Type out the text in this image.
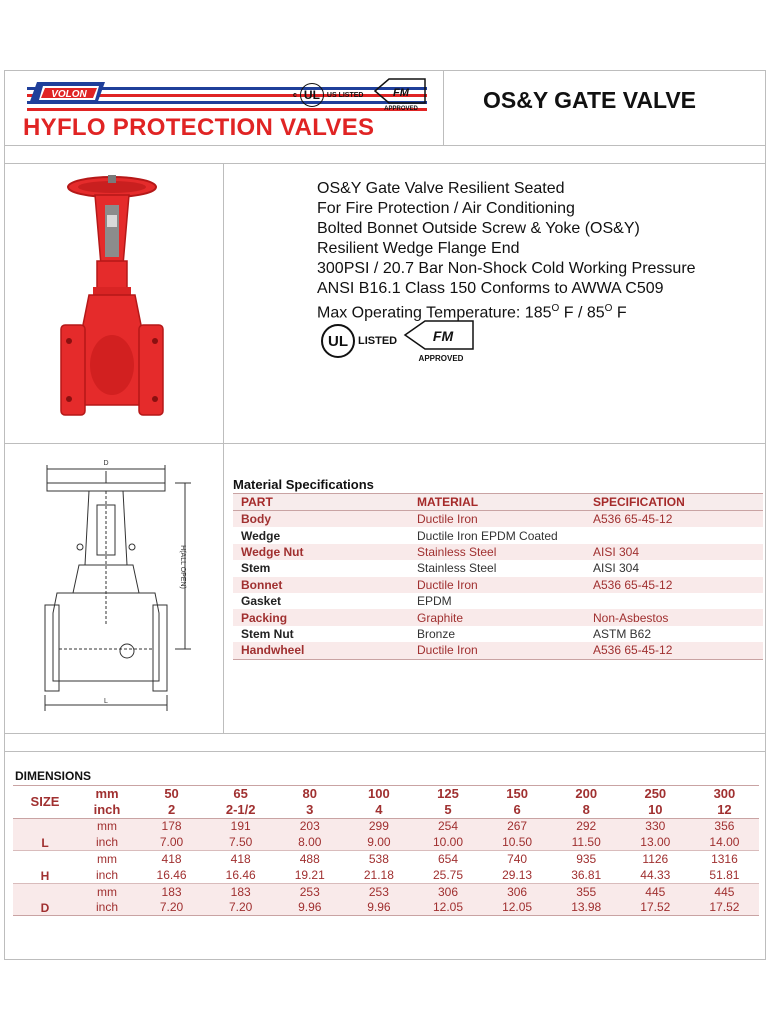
VOLON
HYFLO PROTECTION VALVES
c UL US LISTED	FM
APPROVED	OS&Y GATE VALVE
OS&Y Gate Valve Resilient Seated
For Fire Protection / Air Conditioning
Bolted Bonnet Outside Screw & Yoke (OS&Y)
Resilient Wedge Flange End
300PSI / 20.7 Bar Non-Shock Cold Working Pressure
ANSI B16.1 Class 150 Conforms to AWWA C509
Max Operating Temperature: $185^O$ F / $85^O$ F
UL LISTED	FM
APPROVED
D
L
H(ALL OPEN)
Material Specifications
PART	MATERIAL	SPECIFICATION
Body	Ductile Iron	A536 65-45-12
Wedge	Ductile Iron EPDM Coated	
Wedge Nut	Stainless Steel	AISI 304
Stem	Stainless Steel	AISI 304
Bonnet	Ductile Iron	A536 65-45-12
Gasket	EPDM	
Packing	Graphite	Non-Asbestos
Stem Nut	Bronze	ASTM B62
Handwheel	Ductile Iron	A536 65-45-12
DIMENSIONS
SIZE	mm	50	65	80	100	125	150	200	250	300
	inch	2	2-1/2	3	4	5	6	8	10	12
L	mm	178	191	203	299	254	267	292	330	356
	inch	7.00	7.50	8.00	9.00	10.00	10.50	11.50	13.00	14.00
H	mm	418	418	488	538	654	740	935	1126	1316
	inch	16.46	16.46	19.21	21.18	25.75	29.13	36.81	44.33	51.81
D	mm	183	183	253	253	306	306	355	445	445
	inch	7.20	7.20	9.96	9.96	12.05	12.05	13.98	17.52	17.52
